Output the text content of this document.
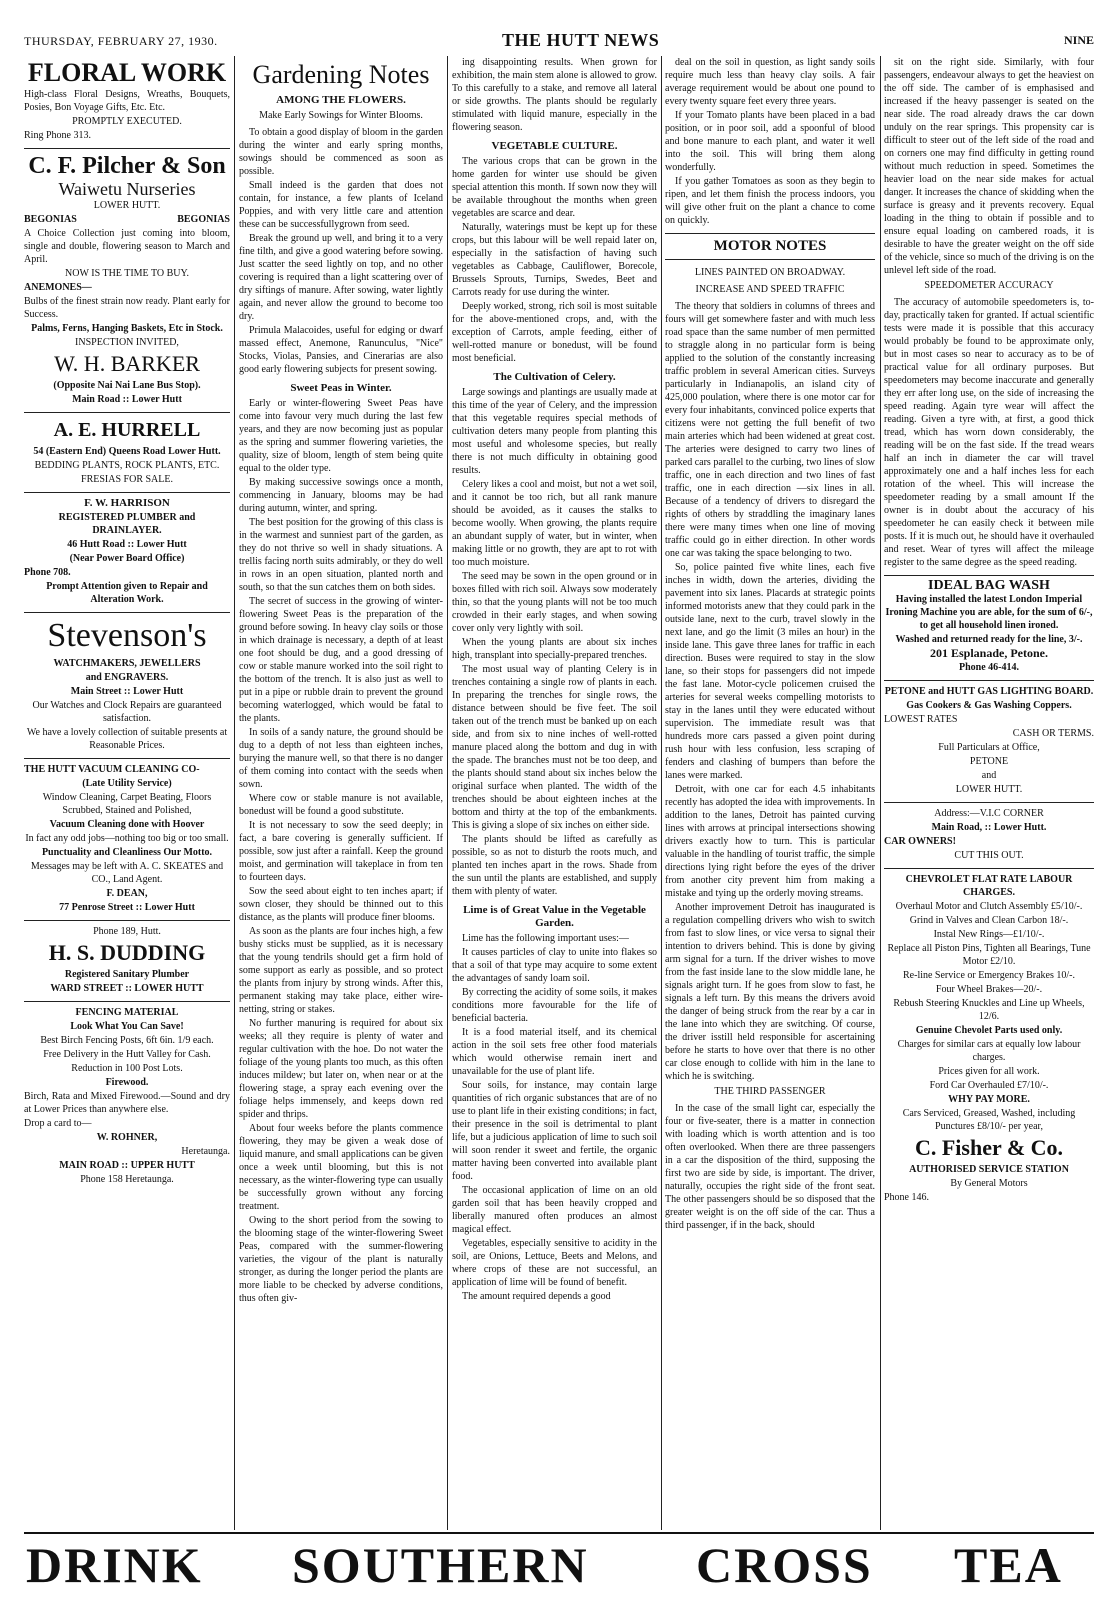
THURSDAY, FEBRUARY 27, 1930.	THE HUTT NEWS	NINE
FLORAL WORK

High-class Floral Designs, Wreaths, Bouquets, Posies, Bon Voyage Gifts, Etc. Etc.

PROMPTLY EXECUTED.

Ring Phone 313.

C. F. Pilcher & Son
Waiwetu Nurseries

LOWER HUTT.

BEGONIAS	BEGONIAS

A Choice Collection just coming into bloom, single and double, flowering season to March and April.

NOW IS THE TIME TO BUY.

ANEMONES—

Bulbs of the finest strain now ready. Plant early for Success.

Palms, Ferns, Hanging Baskets, Etc in Stock.

INSPECTION INVITED,

W. H. BARKER

(Opposite Nai Nai Lane Bus Stop).

Main Road :: Lower Hutt

A. E. HURRELL

54 (Eastern End) Queens Road Lower Hutt.

BEDDING PLANTS, ROCK PLANTS, ETC.

FRESIAS FOR SALE.

F. W. HARRISON

REGISTERED PLUMBER and DRAINLAYER.

46 Hutt Road :: Lower Hutt

(Near Power Board Office)

Phone 708.

Prompt Attention given to Repair and Alteration Work.

Stevenson's

WATCHMAKERS, JEWELLERS

and ENGRAVERS.

Main Street :: Lower Hutt

Our Watches and Clock Repairs are guaranteed satisfaction.

We have a lovely collection of suitable presents at Reasonable Prices.

THE HUTT VACUUM CLEANING CO-

(Late Utility Service)

Window Cleaning, Carpet Beating, Floors Scrubbed, Stained and Polished,

Vacuum Cleaning done with Hoover

In fact any odd jobs—nothing too big or too small.

Punctuality and Cleanliness Our Motto.

Messages may be left with A. C. SKEATES and CO., Land Agent.

F. DEAN,

77 Penrose Street :: Lower Hutt

Phone 189, Hutt.

H. S. DUDDING

Registered Sanitary Plumber

WARD STREET :: LOWER HUTT

FENCING MATERIAL

Look What You Can Save!

Best Birch Fencing Posts, 6ft 6in. 1/9 each.

Free Delivery in the Hutt Valley for Cash.

Reduction in 100 Post Lots.

Firewood.

Birch, Rata and Mixed Firewood.—Sound and dry at Lower Prices than anywhere else.

Drop a card to—

W. ROHNER,

Heretaunga.

MAIN ROAD :: UPPER HUTT

Phone 158 Heretaunga.

Gardening Notes
AMONG THE FLOWERS.
Make Early Sowings for Winter Blooms.

To obtain a good display of bloom in the garden during the winter and early spring months, sowings should be commenced as soon as possible.

Small indeed is the garden that does not contain, for instance, a few plants of Iceland Poppies, and with very little care and attention these can be successfullygrown from seed.

Break the ground up well, and bring it to a very fine tilth, and give a good watering before sowing. Just scatter the seed lightly on top, and no other covering is required than a light scattering over of dry siftings of manure. After sowing, water lightly again, and never allow the ground to become too dry.

Primula Malacoides, useful for edging or dwarf massed effect, Anemone, Ranunculus, "Nice" Stocks, Violas, Pansies, and Cinerarias are also good early flowering subjects for present sowing.

Sweet Peas in Winter.

Early or winter-flowering Sweet Peas have come into favour very much during the last few years, and they are now becoming just as popular as the spring and summer flowering varieties, the quality, size of bloom, length of stem being quite equal to the older type.

By making successive sowings once a month, commencing in January, blooms may be had during autumn, winter, and spring.

The best position for the growing of this class is in the warmest and sunniest part of the garden, as they do not thrive so well in shady situations. A trellis facing north suits admirably, or they do well in rows in an open situation, planted north and south, so that the sun catches them on both sides.

The secret of success in the growing of winter-flowering Sweet Peas is the preparation of the ground before sowing. In heavy clay soils or those in which drainage is necessary, a depth of at least one foot should be dug, and a good dressing of cow or stable manure worked into the soil right to the bottom of the trench. It is also just as well to put in a pipe or rubble drain to prevent the ground becoming waterlogged, which would be fatal to the plants.

In soils of a sandy nature, the ground should be dug to a depth of not less than eighteen inches, burying the manure well, so that there is no danger of them coming into contact with the seeds when sown.

Where cow or stable manure is not available, bonedust will be found a good substitute.

It is not necessary to sow the seed deeply; in fact, a bare covering is generally sufficient. If possible, sow just after a rainfall. Keep the ground moist, and germination will takeplace in from ten to fourteen days.

Sow the seed about eight to ten inches apart; if sown closer, they should be thinned out to this distance, as the plants will produce finer blooms.

As soon as the plants are four inches high, a few bushy sticks must be supplied, as it is necessary that the young tendrils should get a firm hold of some support as early as possible, and so protect the plants from injury by strong winds. After this, permanent staking may take place, either wire-netting, string or stakes.

No further manuring is required for about six weeks; all they require is plenty of water and regular cultivation with the hoe. Do not water the foliage of the young plants too much, as this often induces mildew; but later on, when near or at the flowering stage, a spray each evening over the foliage helps immensely, and keeps down red spider and thrips.

About four weeks before the plants commence flowering, they may be given a weak dose of liquid manure, and small applications can be given once a week until blooming, but this is not necessary, as the winter-flowering type can usually be successfully grown without any forcing treatment.

Owing to the short period from the sowing to the blooming stage of the winter-flowering Sweet Peas, compared with the summer-flowering varieties, the vigour of the plant is naturally stronger, as during the longer period the plants are more liable to be checked by adverse conditions, thus often giv-

ing disappointing results. When grown for exhibition, the main stem alone is allowed to grow. To this carefully to a stake, and remove all lateral or side growths. The plants should be regularly stimulated with liquid manure, especially in the flowering season.

VEGETABLE CULTURE.

The various crops that can be grown in the home garden for winter use should be given special attention this month. If sown now they will be available throughout the months when green vegetables are scarce and dear.

Naturally, waterings must be kept up for these crops, but this labour will be well repaid later on, especially in the satisfaction of having such vegetables as Cabbage, Cauliflower, Borecole, Brussels Sprouts, Turnips, Swedes, Beet and Carrots ready for use during the winter.

Deeply worked, strong, rich soil is most suitable for the above-mentioned crops, and, with the exception of Carrots, ample feeding, either of well-rotted manure or bonedust, will be found most beneficial.

The Cultivation of Celery.

Large sowings and plantings are usually made at this time of the year of Celery, and the impression that this vegetable requires special methods of cultivation deters many people from planting this most useful and wholesome species, but really there is not much difficulty in obtaining good results.

Celery likes a cool and moist, but not a wet soil, and it cannot be too rich, but all rank manure should be avoided, as it causes the stalks to become woolly. When growing, the plants require an abundant supply of water, but in winter, when making little or no growth, they are apt to rot with too much moisture.

The seed may be sown in the open ground or in boxes filled with rich soil. Always sow moderately thin, so that the young plants will not be too much crowded in their early stages, and when sowing cover only very lightly with soil.

When the young plants are about six inches high, transplant into specially-prepared trenches.

The most usual way of planting Celery is in trenches containing a single row of plants in each. In preparing the trenches for single rows, the distance between should be five feet. The soil taken out of the trench must be banked up on each side, and from six to nine inches of well-rotted manure placed along the bottom and dug in with the spade. The branches must not be too deep, and the plants should stand about six inches below the original surface when planted. The width of the trenches should be about eighteen inches at the bottom and thirty at the top of the embankments. This is giving a slope of six inches on either side.

The plants should be lifted as carefully as possible, so as not to disturb the roots much, and planted ten inches apart in the rows. Shade from the sun until the plants are established, and supply them with plenty of water.

Lime is of Great Value in the Vegetable Garden.

Lime has the following important uses:—

It causes particles of clay to unite into flakes so that a soil of that type may acquire to some extent the advantages of sandy loam soil.

By correcting the acidity of some soils, it makes conditions more favourable for the life of beneficial bacteria.

It is a food material itself, and its chemical action in the soil sets free other food materials which would otherwise remain inert and unavailable for the use of plant life.

Sour soils, for instance, may contain large quantities of rich organic substances that are of no use to plant life in their existing conditions; in fact, their presence in the soil is detrimental to plant life, but a judicious application of lime to such soil will soon render it sweet and fertile, the organic matter having been converted into available plant food.

The occasional application of lime on an old garden soil that has been heavily cropped and liberally manured often produces an almost magical effect.

Vegetables, especially sensitive to acidity in the soil, are Onions, Lettuce, Beets and Melons, and where crops of these are not successful, an application of lime will be found of benefit.

The amount required depends a good

deal on the soil in question, as light sandy soils require much less than heavy clay soils. A fair average requirement would be about one pound to every twenty square feet every three years.

If your Tomato plants have been placed in a bad position, or in poor soil, add a spoonful of blood and bone manure to each plant, and water it well into the soil. This will bring them along wonderfully.

If you gather Tomatoes as soon as they begin to ripen, and let them finish the process indoors, you will give other fruit on the plant a chance to come on quickly.

MOTOR NOTES
LINES PAINTED ON BROADWAY.
INCREASE AND SPEED TRAFFIC

The theory that soldiers in columns of threes and fours will get somewhere faster and with much less road space than the same number of men permitted to straggle along in no particular form is being applied to the solution of the constantly increasing traffic problem in several American cities. Surveys particularly in Indianapolis, an island city of 425,000 poulation, where there is one motor car for every four inhabitants, convinced police experts that citizens were not getting the full benefit of two main arteries which had been widened at great cost. The arteries were designed to carry two lines of parked cars parallel to the curbing, two lines of slow traffic, one in each direction and two lines of fast traffic, one in each direction —six lines in all. Because of a tendency of drivers to disregard the rights of others by straddling the imaginary lanes there were many times when one line of moving traffic could go in either direction. In other words one car was taking the space belonging to two.

So, police painted five white lines, each five inches in width, down the arteries, dividing the pavement into six lanes. Placards at strategic points informed motorists anew that they could park in the outside lane, next to the curb, travel slowly in the next lane, and go the limit (3 miles an hour) in the inside lane. This gave three lanes for traffic in each direction. Buses were required to stay in the slow lane, so their stops for passengers did not impede the fast lane. Motor-cycle policemen cruised the arteries for several weeks compelling motorists to stay in the lanes until they were educated without supervision. The immediate result was that hundreds more cars passed a given point during rush hour with less confusion, less scraping of fenders and clashing of bumpers than before the lanes were marked.

Detroit, with one car for each 4.5 inhabitants recently has adopted the idea with improvements. In addition to the lanes, Detroit has painted curving lines with arrows at principal intersections showing drivers exactly how to turn. This is particular valuable in the handling of tourist traffic, the simple directions lying right before the eyes of the driver from another city prevent him from making a mistake and tying up the orderly moving streams.

Another improvement Detroit has inaugurated is a regulation compelling drivers who wish to switch from fast to slow lines, or vice versa to signal their intention to drivers behind. This is done by giving arm signal for a turn. If the driver wishes to move from the fast inside lane to the slow middle lane, he signals aright turn. If he goes from slow to fast, he signals a left turn. By this means the drivers avoid the danger of being struck from the rear by a car in the lane into which they are switching. Of course, the driver isstill held responsible for ascertaining before he starts to hove over that there is no other car close enough to collide with him in the lane to which he is switching.

THE THIRD PASSENGER

In the case of the small light car, especially the four or five-seater, there is a matter in connection with loading which is worth attention and is too often overlooked. When there are three passengers in a car the disposition of the third, supposing the first two are side by side, is important. The driver, naturally, occupies the right side of the front seat. The other passengers should be so disposed that the greater weight is on the off side of the car. Thus a third passenger, if in the back, should

sit on the right side. Similarly, with four passengers, endeavour always to get the heaviest on the off side. The camber of is emphasised and increased if the heavy passenger is seated on the near side. The road already draws the car down unduly on the rear springs. This propensity car is difficult to steer out of the left side of the road and on corners one may find difficulty in getting round without much reduction in speed. Sometimes the heavier load on the near side makes for actual danger. It increases the chance of skidding when the surface is greasy and it prevents recovery. Equal loading in the thing to obtain if possible and to ensure equal loading on cambered roads, it is desirable to have the greater weight on the off side of the vehicle, since so much of the driving is on the unlevel left side of the road.

SPEEDOMETER ACCURACY

The accuracy of automobile speedometers is, to-day, practically taken for granted. If actual scientific tests were made it is possible that this accuracy would probably be found to be approximate only, but in most cases so near to accuracy as to be of practical value for all ordinary purposes. But speedometers may become inaccurate and generally they err after long use, on the side of increasing the speed reading. Again tyre wear will affect the reading. Given a tyre with, at first, a good thick tread, which has worn down considerably, the reading will be on the fast side. If the tread wears half an inch in diameter the car will travel approximately one and a half inches less for each rotation of the wheel. This will increase the speedometer reading by a small amount If the owner is in doubt about the accuracy of his speedometer he can easily check it between mile posts. If it is much out, he should have it overhauled and reset. Wear of tyres will affect the mileage register to the same degree as the speed reading.

IDEAL BAG WASH

Having installed the latest London Imperial Ironing Machine you are able, for the sum of 6/-, to get all household linen ironed.

Washed and returned ready for the line, 3/-.

201 Esplanade, Petone.

Phone 46-414.

PETONE and HUTT GAS LIGHTING BOARD.

Gas Cookers & Gas Washing Coppers.

LOWEST RATES

CASH OR TERMS.

Full Particulars at Office,

PETONE

and

LOWER HUTT.

Address:—V.I.C CORNER

Main Road, :: Lower Hutt.

CAR OWNERS!

CUT THIS OUT.

CHEVROLET FLAT RATE LABOUR CHARGES.

Overhaul Motor and Clutch Assembly £5/10/-.

Grind in Valves and Clean Carbon 18/-.

Instal New Rings—£1/10/-.

Replace all Piston Pins, Tighten all Bearings, Tune Motor £2/10.

Re-line Service or Emergency Brakes 10/-.

Four Wheel Brakes—20/-.

Rebush Steering Knuckles and Line up Wheels, 12/6.

Genuine Chevolet Parts used only.

Charges for similar cars at equally low labour charges.

Prices given for all work.

Ford Car Overhauled £7/10/-.

WHY PAY MORE.

Cars Serviced, Greased, Washed, including Punctures £8/10/- per year,

C. Fisher & Co.

AUTHORISED SERVICE STATION

By General Motors

Phone 146.

DRINK SOUTHERN CROSS TEA
